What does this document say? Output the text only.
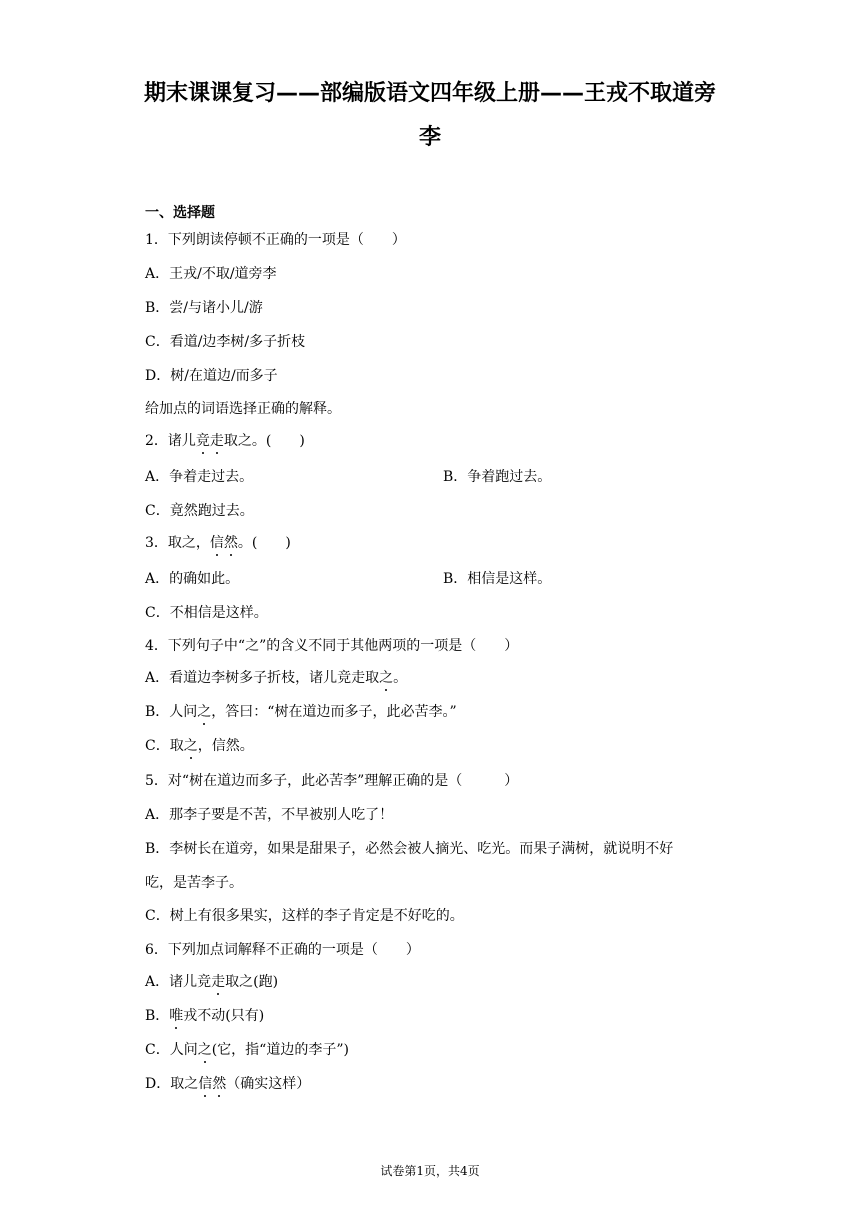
期末课课复习——部编版语文四年级上册——王戎不取道旁
李
一、选择题
1．下列朗读停顿不正确的一项是（　　）
A．王戎/不取/道旁李
B．尝/与诸小儿/游
C．看道/边李树/多子折枝
D．树/在道边/而多子
给加点的词语选择正确的解释。
2．诸儿竞走取之。(　　)
A．争着走过去。	B．争着跑过去。
C．竟然跑过去。
3．取之，信然。(　　)
A．的确如此。	B．相信是这样。
C．不相信是这样。
4．下列句子中“之”的含义不同于其他两项的一项是（　　）
A．看道边李树多子折枝，诸儿竞走取之。
B．人问之，答曰：“树在道边而多子，此必苦李。”
C．取之，信然。
5．对“树在道边而多子，此必苦李”理解正确的是（　　　）
A．那李子要是不苦，不早被别人吃了！
B．李树长在道旁，如果是甜果子，必然会被人摘光、吃光。而果子满树，就说明不好
吃，是苦李子。
C．树上有很多果实，这样的李子肯定是不好吃的。
6．下列加点词解释不正确的一项是（　　）
A．诸儿竞走取之(跑)
B．唯戎不动(只有)
C．人问之(它，指“道边的李子”)
D．取之信然（确实这样）
试卷第1页，共4页
